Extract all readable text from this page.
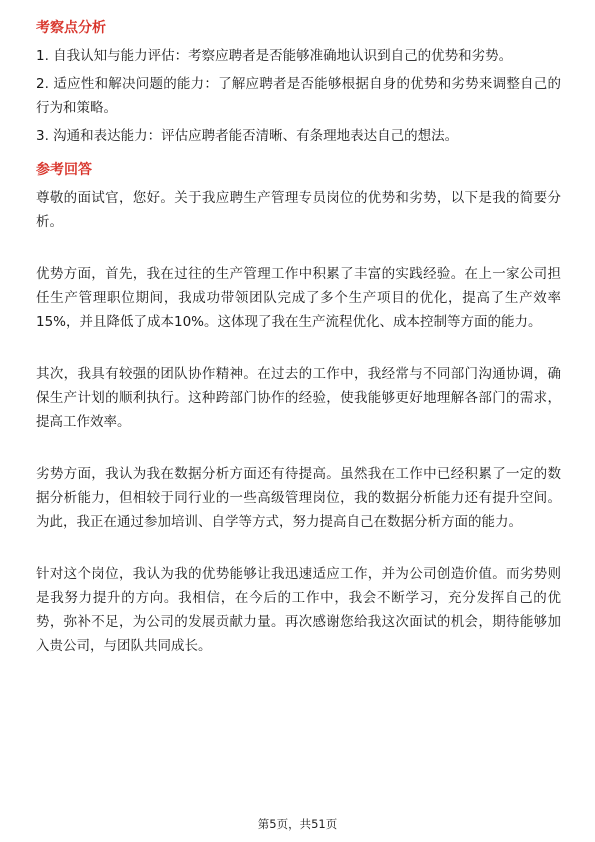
考察点分析
1. 自我认知与能力评估：考察应聘者是否能够准确地认识到自己的优势和劣势。
2. 适应性和解决问题的能力：了解应聘者是否能够根据自身的优势和劣势来调整自己的行为和策略。
3. 沟通和表达能力：评估应聘者能否清晰、有条理地表达自己的想法。
参考回答
尊敬的面试官，您好。关于我应聘生产管理专员岗位的优势和劣势，以下是我的简要分析。
优势方面，首先，我在过往的生产管理工作中积累了丰富的实践经验。在上一家公司担任生产管理职位期间，我成功带领团队完成了多个生产项目的优化，提高了生产效率15%，并且降低了成本10%。这体现了我在生产流程优化、成本控制等方面的能力。
其次，我具有较强的团队协作精神。在过去的工作中，我经常与不同部门沟通协调，确保生产计划的顺利执行。这种跨部门协作的经验，使我能够更好地理解各部门的需求，提高工作效率。
劣势方面，我认为我在数据分析方面还有待提高。虽然我在工作中已经积累了一定的数据分析能力，但相较于同行业的一些高级管理岗位，我的数据分析能力还有提升空间。为此，我正在通过参加培训、自学等方式，努力提高自己在数据分析方面的能力。
针对这个岗位，我认为我的优势能够让我迅速适应工作，并为公司创造价值。而劣势则是我努力提升的方向。我相信，在今后的工作中，我会不断学习，充分发挥自己的优势，弥补不足，为公司的发展贡献力量。再次感谢您给我这次面试的机会，期待能够加入贵公司，与团队共同成长。
第5页，共51页
